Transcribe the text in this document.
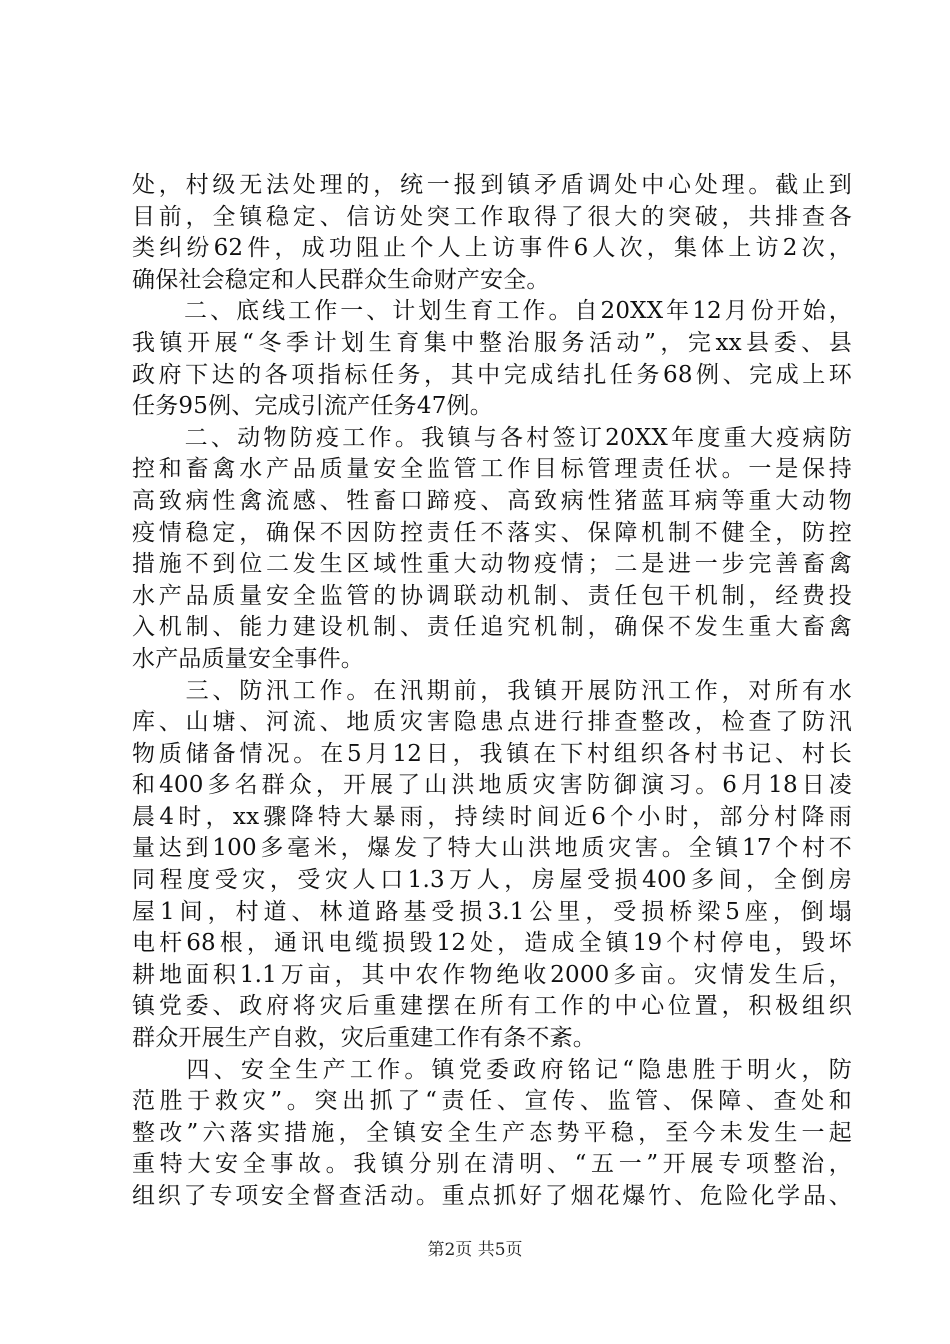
处，村级无法处理的，统一报到镇矛盾调处中心处理。截止到
目前，全镇稳定、信访处突工作取得了很大的突破，共排查各
类纠纷62件，成功阻止个人上访事件6人次，集体上访2次，
确保社会稳定和人民群众生命财产安全。
　　二、底线工作一、计划生育工作。自20XX年12月份开始，
我镇开展“冬季计划生育集中整治服务活动”，完xx县委、县
政府下达的各项指标任务，其中完成结扎任务68例、完成上环
任务95例、完成引流产任务47例。
　　二、动物防疫工作。我镇与各村签订20XX年度重大疫病防
控和畜禽水产品质量安全监管工作目标管理责任状。一是保持
高致病性禽流感、牲畜口蹄疫、高致病性猪蓝耳病等重大动物
疫情稳定，确保不因防控责任不落实、保障机制不健全，防控
措施不到位二发生区域性重大动物疫情；二是进一步完善畜禽
水产品质量安全监管的协调联动机制、责任包干机制，经费投
入机制、能力建设机制、责任追究机制，确保不发生重大畜禽
水产品质量安全事件。
　　三、防汛工作。在汛期前，我镇开展防汛工作，对所有水
库、山塘、河流、地质灾害隐患点进行排查整改，检查了防汛
物质储备情况。在5月12日，我镇在下村组织各村书记、村长
和400多名群众，开展了山洪地质灾害防御演习。6月18日凌
晨4时，xx骤降特大暴雨，持续时间近6个小时，部分村降雨
量达到100多毫米，爆发了特大山洪地质灾害。全镇17个村不
同程度受灾，受灾人口1.3万人，房屋受损400多间，全倒房
屋1间，村道、林道路基受损3.1公里，受损桥梁5座，倒塌
电杆68根，通讯电缆损毁12处，造成全镇19个村停电，毁坏
耕地面积1.1万亩，其中农作物绝收2000多亩。灾情发生后，
镇党委、政府将灾后重建摆在所有工作的中心位置，积极组织
群众开展生产自救，灾后重建工作有条不紊。
　　四、安全生产工作。镇党委政府铭记“隐患胜于明火，防
范胜于救灾”。突出抓了“责任、宣传、监管、保障、查处和
整改”六落实措施，全镇安全生产态势平稳，至今未发生一起
重特大安全事故。我镇分别在清明、“五一”开展专项整治，
组织了专项安全督查活动。重点抓好了烟花爆竹、危险化学品、
第2页 共5页
